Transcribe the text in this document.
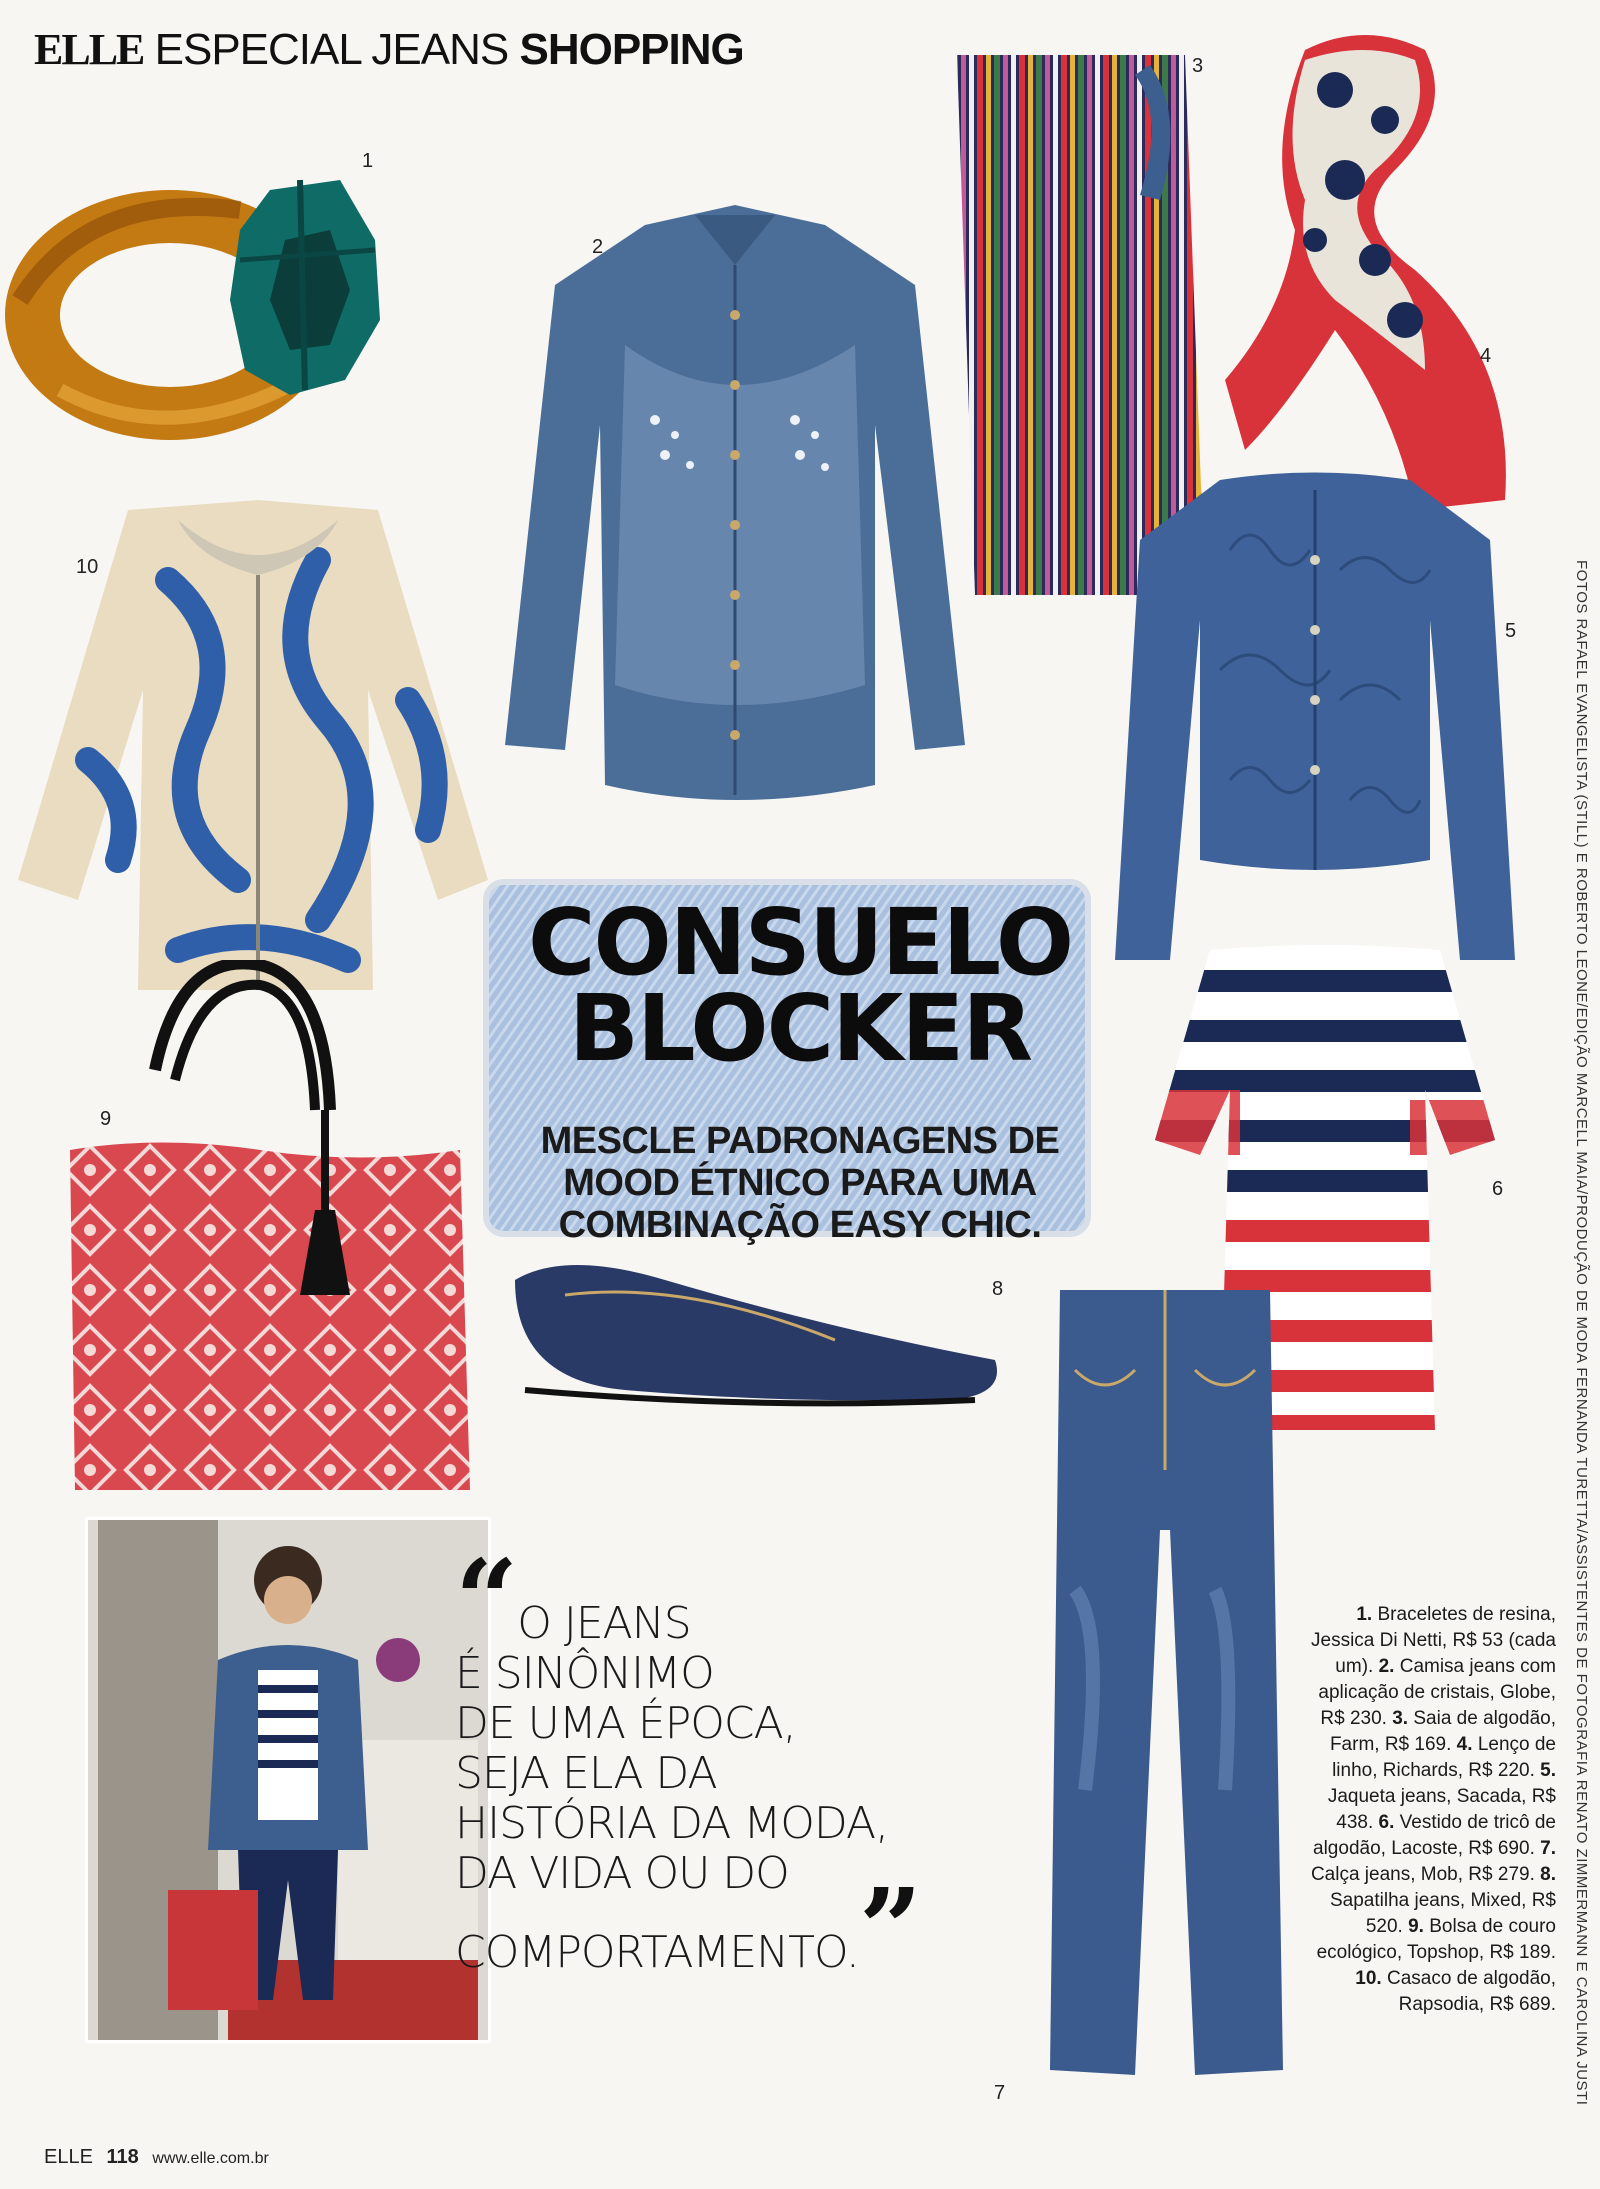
ELLE ESPECIAL JEANS SHOPPING
1
2
3
4
10
5
CONSUELO
BLOCKER
MESCLE PADRONAGENS DE
MOOD ÉTNICO PARA UMA
COMBINAÇÃO EASY CHIC.
6
9
8
7
“O JEANS
É SINÔNIMO
DE UMA ÉPOCA,
SEJA ELA DA
HISTÓRIA DA MODA,
DA VIDA OU DO
COMPORTAMENTO.”
1. Braceletes de resina, Jessica Di Netti, R$ 53 (cada um). 2. Camisa jeans com aplicação de cristais, Globe, R$ 230. 3. Saia de algodão, Farm, R$ 169. 4. Lenço de linho, Richards, R$ 220. 5. Jaqueta jeans, Sacada, R$ 438. 6. Vestido de tricô de algodão, Lacoste, R$ 690. 7. Calça jeans, Mob, R$ 279. 8. Sapatilha jeans, Mixed, R$ 520. 9. Bolsa de couro ecológico, Topshop, R$ 189. 10. Casaco de algodão, Rapsodia, R$ 689. FOTOS RAFAEL EVANGELISTA (STILL) E ROBERTO LEONE/EDIÇÃO MARCELL MAIA/PRODUÇÃO DE MODA FERNANDA TURETTA/ASSISTENTES DE FOTOGRAFIA RENATO ZIMMERMANN E CAROLINA JUSTI
ELLE 118 www.elle.com.br
